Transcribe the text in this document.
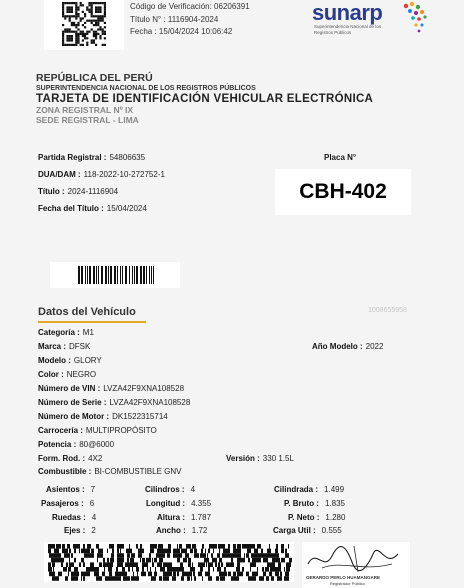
Código de Verificación: 06206391
Título N° : 1116904-2024
Fecha : 15/04/2024 10:06:42
sunarp
Superintendencia Nacional de los Registros Públicos
REPÚBLICA DEL PERÚ
SUPERINTENDENCIA NACIONAL DE LOS REGISTROS PÚBLICOS
TARJETA DE IDENTIFICACIÓN VEHICULAR ELECTRÓNICA
ZONA REGISTRAL Nº IX
SEDE REGISTRAL - LIMA
Partida Registral : 54806635
DUA/DAM : 118-2022-10-272752-1
Título : 2024-1116904
Fecha del Título : 15/04/2024
Placa N°
CBH-402
Datos del Vehículo	1008655958
Categoría : M1
Marca : DFSK	Año Modelo : 2022
Modelo : GLORY
Color : NEGRO
Número de VIN : LVZA42F9XNA108528
Número de Serie : LVZA42F9XNA108528
Número de Motor : DK1522315714
Carrocería : MULTIPROPÓSITO
Potencia : 80@6000
Form. Rod. : 4X2	Versión : 330 1.5L
Combustible : BI-COMBUSTIBLE GNV
Asientos : 7	Cilindros : 4	Cilindrada : 1.499
Pasajeros : 6	Longitud : 4.355	P. Bruto : 1.835
Ruedas : 4	Altura : 1.787	P. Neto : 1.280
Ejes : 2	Ancho : 1.72	Carga Util : 0.555
GERARDO PERLO HUAMANGARE
Registrador Público
